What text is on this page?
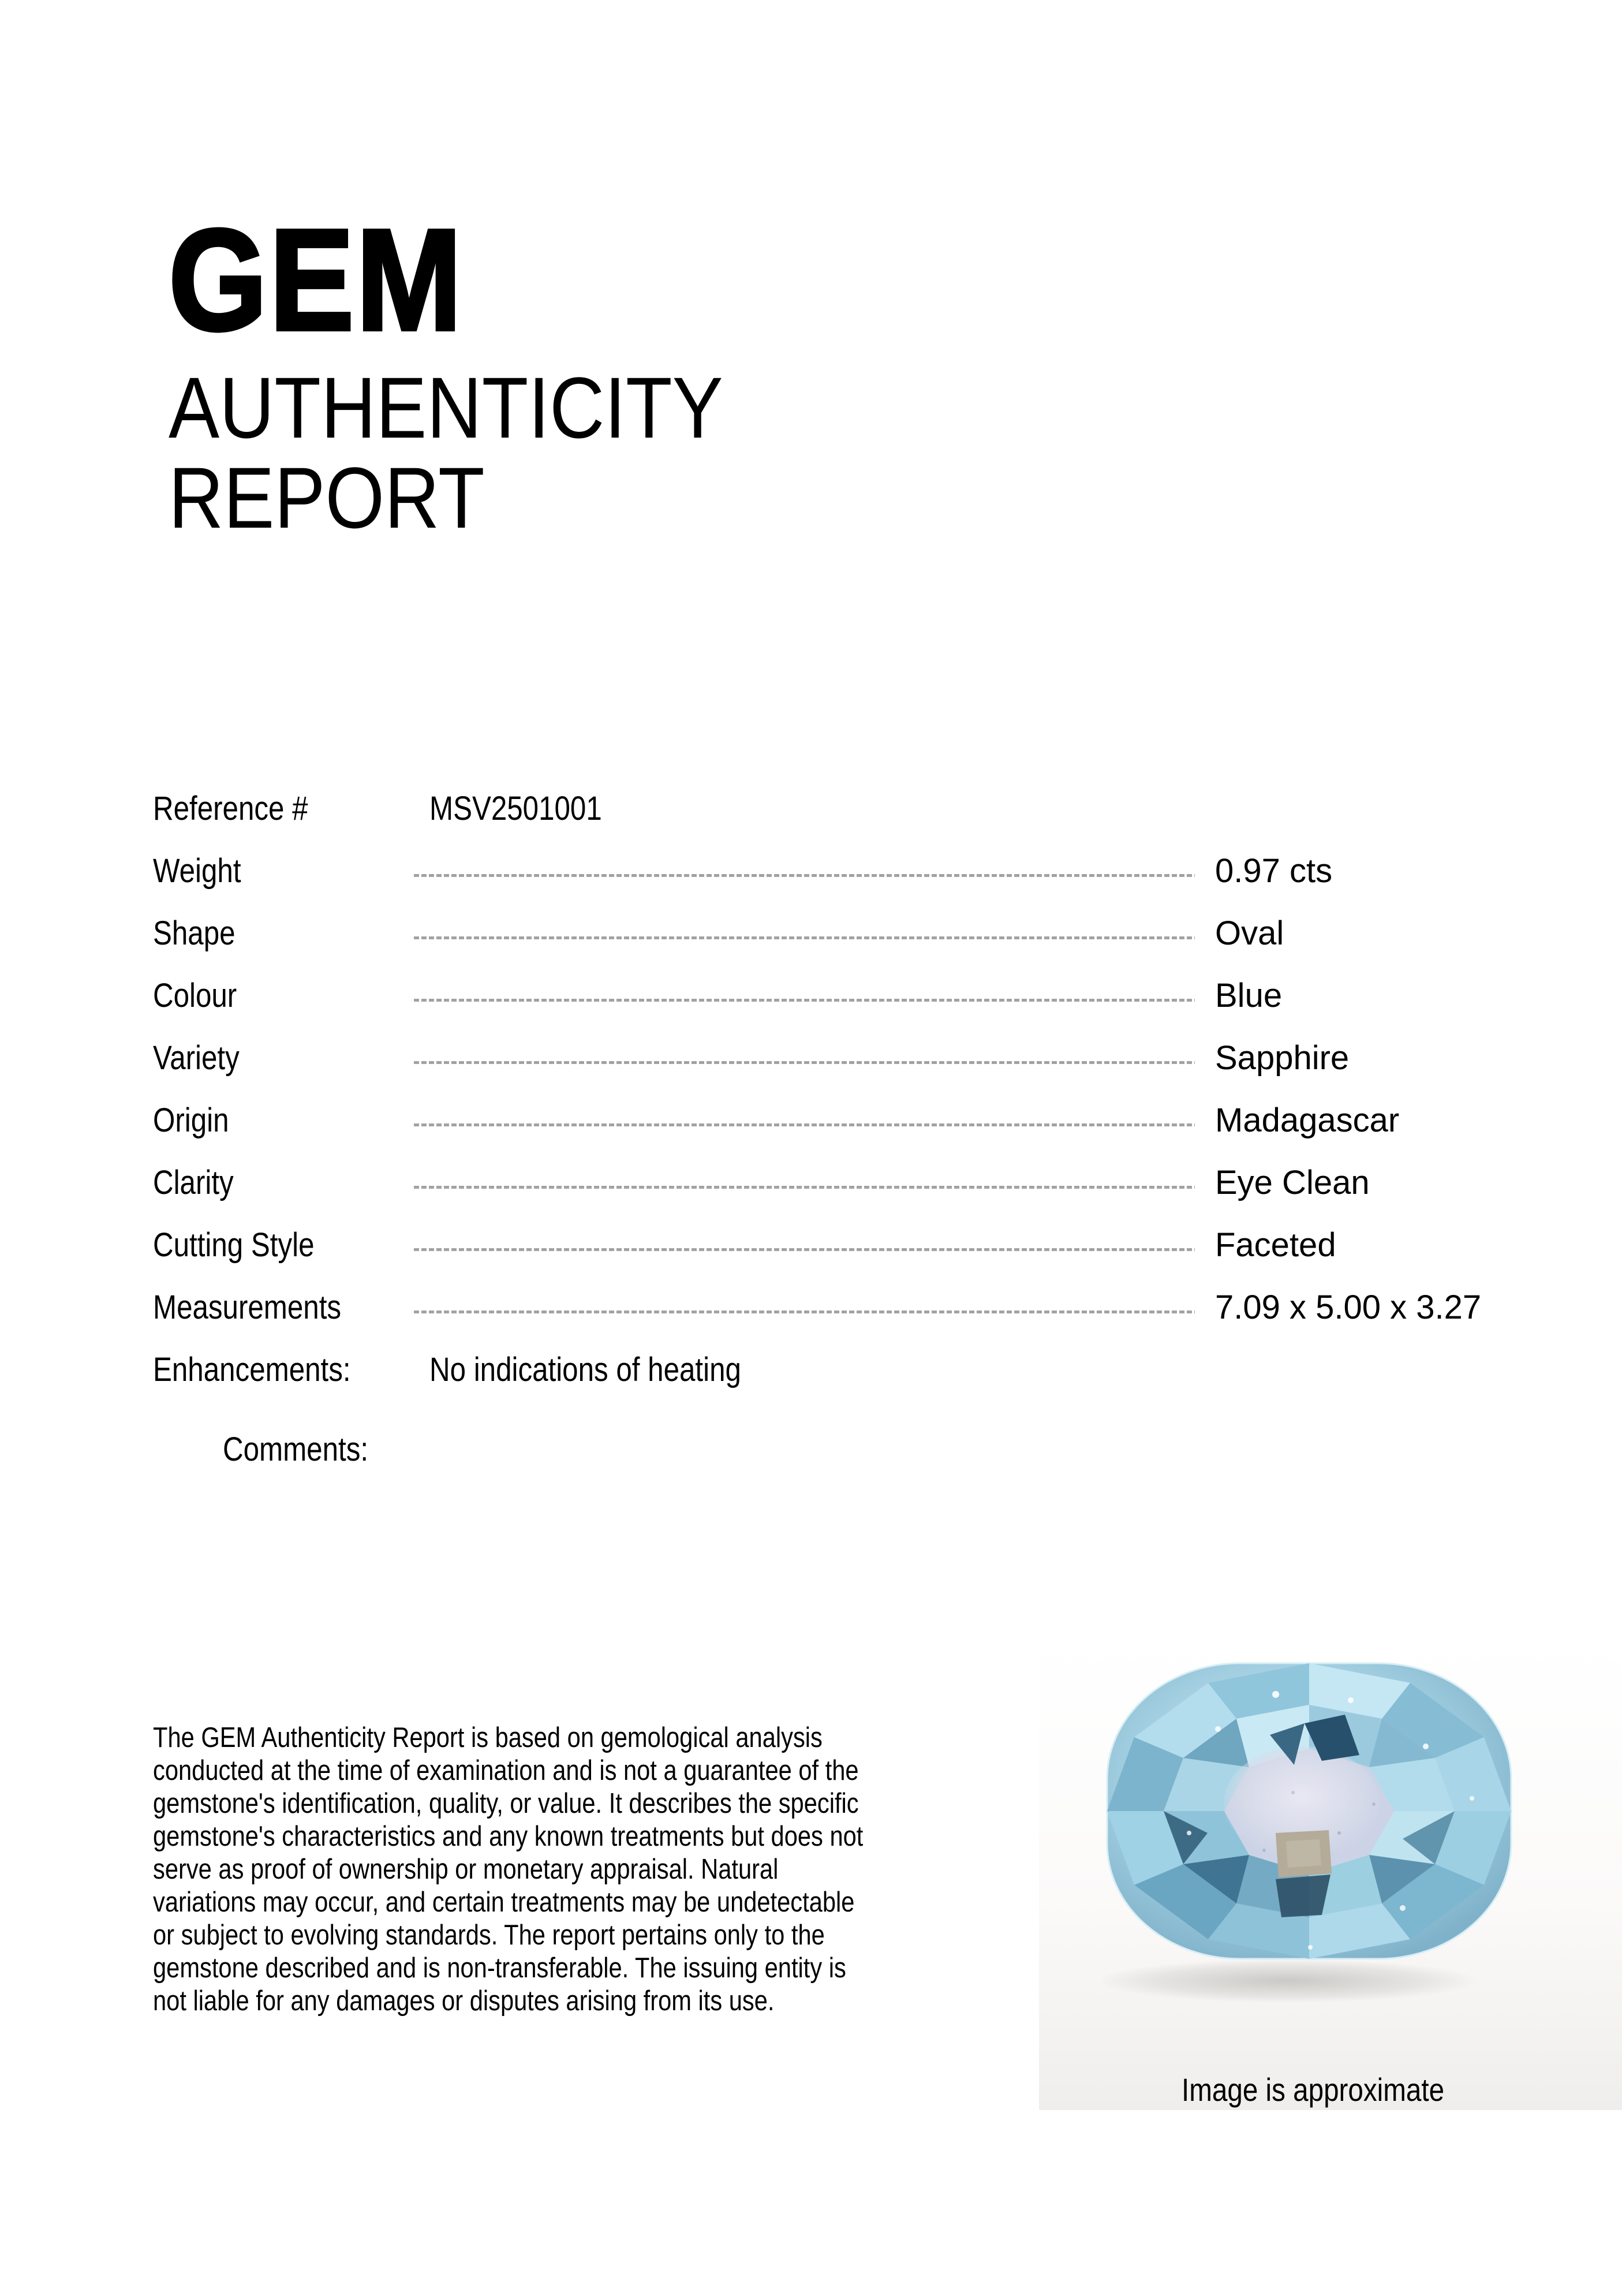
GEM
AUTHENTICITY
REPORT
Reference #	MSV2501001
Weight	0.97 cts
Shape	Oval
Colour	Blue
Variety	Sapphire
Origin	Madagascar
Clarity	Eye Clean
Cutting Style	Faceted
Measurements	7.09 x 5.00 x 3.27
Enhancements: No indications of heating
Comments:
The GEM Authenticity Report is based on gemological analysis
conducted at the time of examination and is not a guarantee of the
gemstone's identification, quality, or value. It describes the specific
gemstone's characteristics and any known treatments but does not
serve as proof of ownership or monetary appraisal. Natural
variations may occur, and certain treatments may be undetectable
or subject to evolving standards. The report pertains only to the
gemstone described and is non-transferable. The issuing entity is
not liable for any damages or disputes arising from its use.
Image is approximate
